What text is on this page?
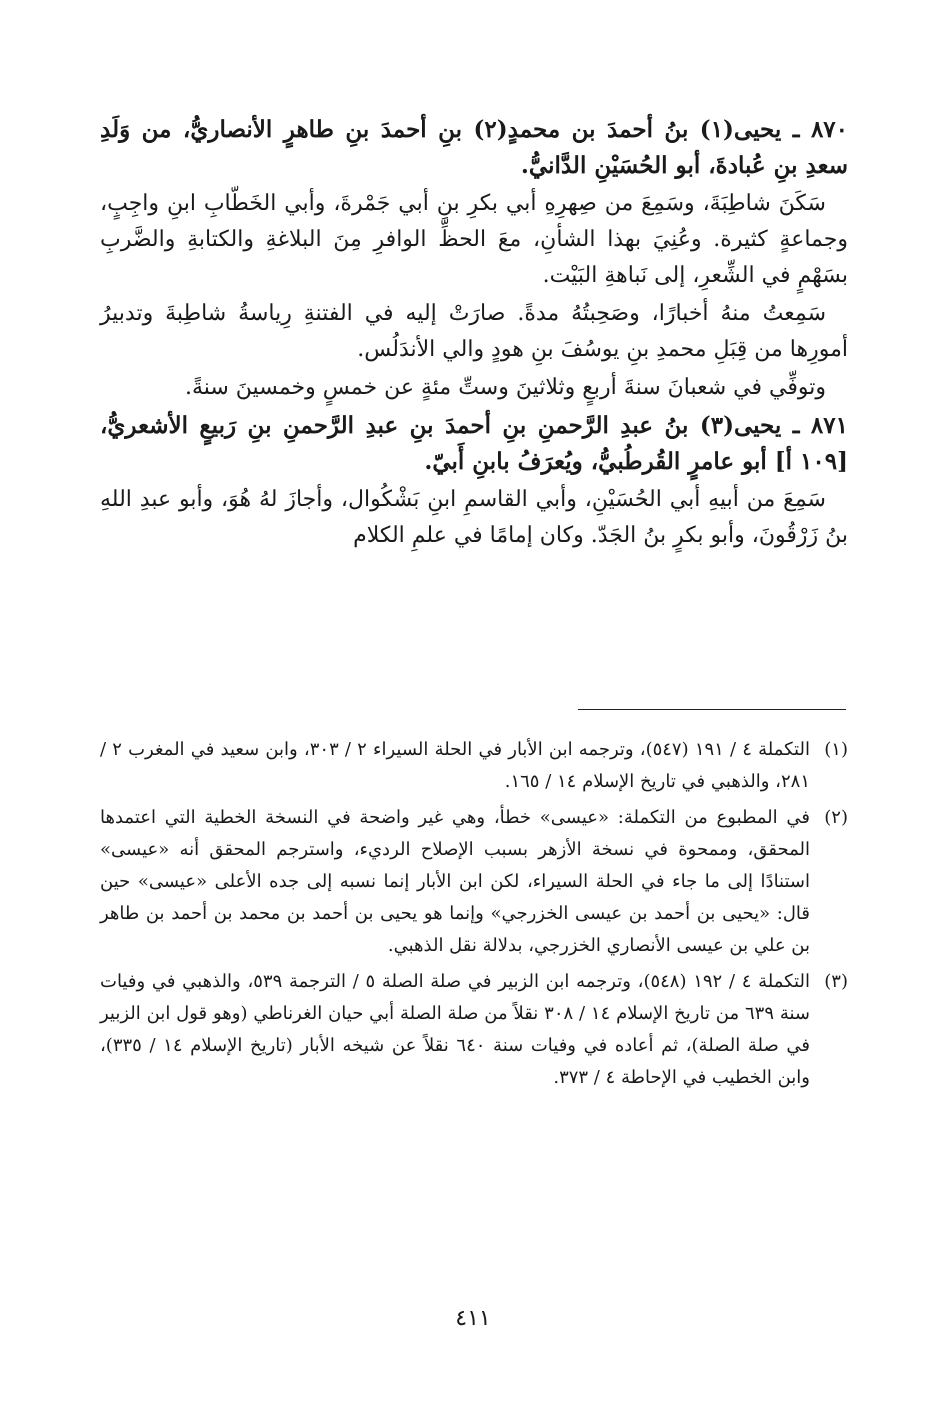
٨٧٠ ـ يحيى(١) بنُ أحمدَ بن محمدٍ(٢) بنِ أحمدَ بنِ طاهرٍ الأنصاريُّ، من وَلَدِ سعدِ بنِ عُبادةَ، أبو الحُسَيْنِ الدَّانيُّ.

سَكَنَ شاطِبَةَ، وسَمِعَ من صِهرِهِ أبي بكرِ بنِ أبي جَمْرةَ، وأبي الخَطّابِ ابنِ واجِبٍ، وجماعةٍ كثيرة. وعُنِيَ بهذا الشأنِ، معَ الحظِّ الوافرِ مِنَ البلاغةِ والكتابةِ والضَّربِ بسَهْمٍ في الشِّعرِ، إلى نَباهةِ البَيْت.

سَمِعتُ منهُ أخبارًا، وصَحِبتُهُ مدةً. صارَتْ إليه في الفتنةِ رِياسةُ شاطِبةَ وتدبيرُ أمورِها من قِبَلِ محمدِ بنِ يوسُفَ بنِ هودٍ والي الأندَلُس.

وتوفِّي في شعبانَ سنةَ أربعٍ وثلاثينَ وستِّ مئةٍ عن خمسٍ وخمسينَ سنةً.

٨٧١ ـ يحيى(٣) بنُ عبدِ الرَّحمنِ بنِ أحمدَ بنِ عبدِ الرَّحمنِ بنِ رَبيعٍ الأشعريُّ، [١٠٩ أ] أبو عامرٍ القُرطُبيُّ، ويُعرَفُ بابنِ أَبيّ.

سَمِعَ من أبيهِ أبي الحُسَيْنِ، وأبي القاسمِ ابنِ بَشْكُوال، وأجازَ لهُ هُوَ، وأبو عبدِ اللهِ بنُ زَرْقُونَ، وأبو بكرٍ بنُ الجَدّ. وكان إمامًا في علمِ الكلام

(١)
التكملة ٤ / ١٩١ (٥٤٧)، وترجمه ابن الأبار في الحلة السيراء ٢ / ٣٠٣، وابن سعيد في المغرب ٢ / ٢٨١، والذهبي في تاريخ الإسلام ١٤ / ١٦٥.
(٢)
في المطبوع من التكملة: «عيسى» خطأ، وهي غير واضحة في النسخة الخطية التي اعتمدها المحقق، وممحوة في نسخة الأزهر بسبب الإصلاح الرديء، واسترجم المحقق أنه «عيسى» استنادًا إلى ما جاء في الحلة السيراء، لكن ابن الأبار إنما نسبه إلى جده الأعلى «عيسى» حين قال: «يحيى بن أحمد بن عيسى الخزرجي» وإنما هو يحيى بن أحمد بن محمد بن أحمد بن طاهر بن علي بن عيسى الأنصاري الخزرجي، بدلالة نقل الذهبي.
(٣)
التكملة ٤ / ١٩٢ (٥٤٨)، وترجمه ابن الزبير في صلة الصلة ٥ / الترجمة ٥٣٩، والذهبي في وفيات سنة ٦٣٩ من تاريخ الإسلام ١٤ / ٣٠٨ نقلاً من صلة الصلة أبي حيان الغرناطي (وهو قول ابن الزبير في صلة الصلة)، ثم أعاده في وفيات سنة ٦٤٠ نقلاً عن شيخه الأبار (تاريخ الإسلام ١٤ / ٣٣٥)، وابن الخطيب في الإحاطة ٤ / ٣٧٣.
٤١١
